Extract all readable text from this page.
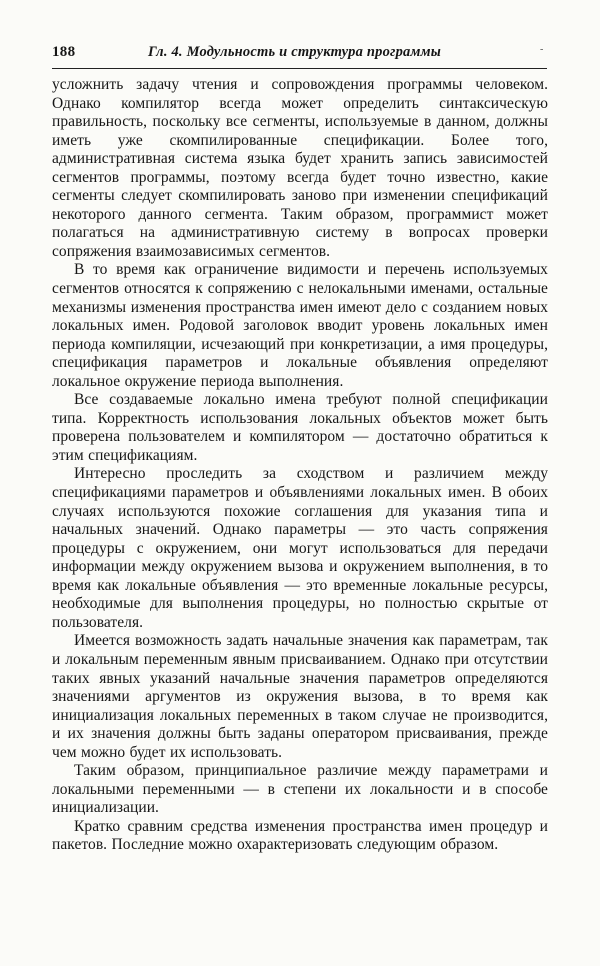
188	Гл. 4. Модульность и структура программы	-

усложнить задачу чтения и сопровождения программы человеком. Однако компилятор всегда может определить синтаксическую правильность, поскольку все сегменты, используемые в данном, должны иметь уже скомпилированные спецификации. Более того, административная система языка будет хранить запись зависимостей сегментов программы, поэтому всегда будет точно известно, какие сегменты следует скомпилировать заново при изменении спецификаций некоторого данного сегмента. Таким образом, программист может полагаться на административную систему в вопросах проверки сопряжения взаимозависимых сегментов.

В то время как ограничение видимости и перечень используемых сегментов относятся к сопряжению с нелокальными именами, остальные механизмы изменения пространства имен имеют дело с созданием новых локальных имен. Родовой заголовок вводит уровень локальных имен периода компиляции, исчезающий при конкретизации, а имя процедуры, спецификация параметров и локальные объявления определяют локальное окружение периода выполнения.

Все создаваемые локально имена требуют полной спецификации типа. Корректность использования локальных объектов может быть проверена пользователем и компилятором — достаточно обратиться к этим спецификациям.

Интересно проследить за сходством и различием между спецификациями параметров и объявлениями локальных имен. В обоих случаях используются похожие соглашения для указания типа и начальных значений. Однако параметры — это часть сопряжения процедуры с окружением, они могут использоваться для передачи информации между окружением вызова и окружением выполнения, в то время как локальные объявления — это временные локальные ресурсы, необходимые для выполнения процедуры, но полностью скрытые от пользователя.

Имеется возможность задать начальные значения как параметрам, так и локальным переменным явным присваиванием. Однако при отсутствии таких явных указаний начальные значения параметров определяются значениями аргументов из окружения вызова, в то время как инициализация локальных переменных в таком случае не производится, и их значения должны быть заданы оператором присваивания, прежде чем можно будет их использовать.

Таким образом, принципиальное различие между параметрами и локальными переменными — в степени их локальности и в способе инициализации.

Кратко сравним средства изменения пространства имен процедур и пакетов. Последние можно охарактеризовать следующим образом.
